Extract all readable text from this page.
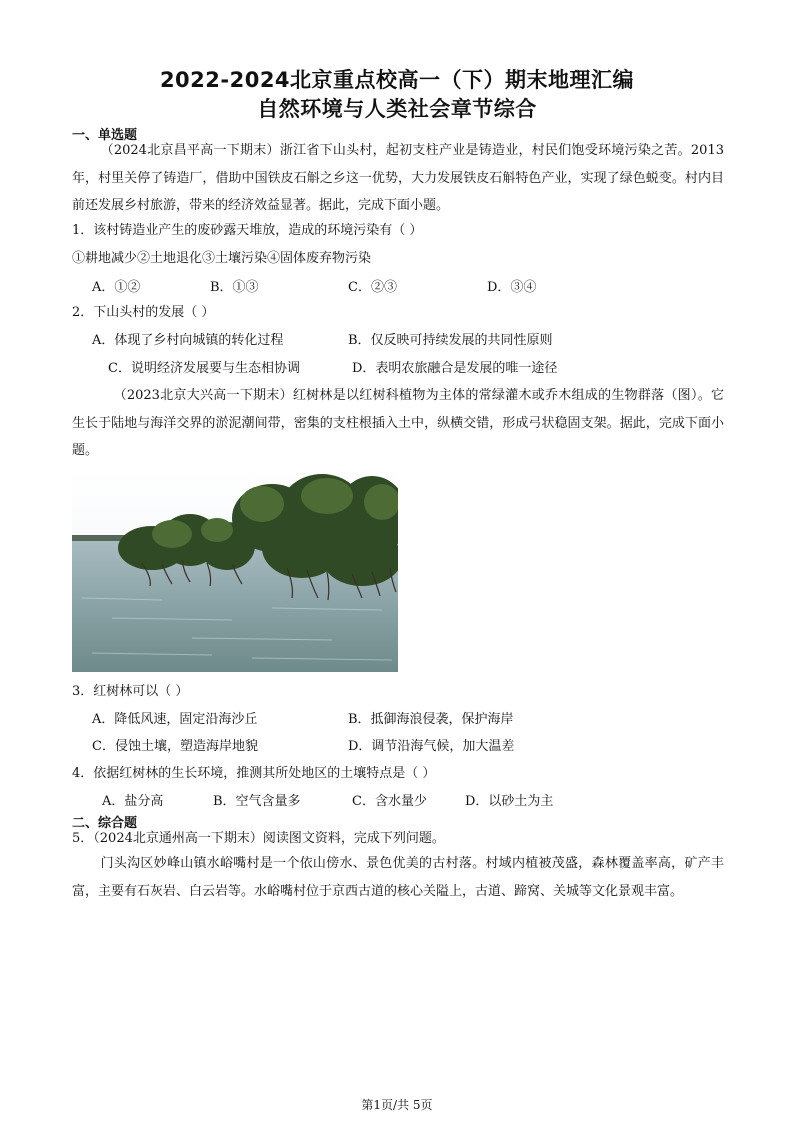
2022-2024北京重点校高一（下）期末地理汇编
自然环境与人类社会章节综合
一、单选题

（2024北京昌平高一下期末）浙江省下山头村，起初支柱产业是铸造业，村民们饱受环境污染之苦。2013年，村里关停了铸造厂，借助中国铁皮石斛之乡这一优势，大力发展铁皮石斛特色产业，实现了绿色蜕变。村内目前还发展乡村旅游，带来的经济效益显著。据此，完成下面小题。

1．该村铸造业产生的废砂露天堆放，造成的环境污染有（ ）
①耕地减少②土地退化③土壤污染④固体废弃物污染
A．①②	B．①③	C．②③	D．③④
2．下山头村的发展（ ）
A．体现了乡村向城镇的转化过程	B．仅反映可持续发展的共同性原则
C．说明经济发展要与生态相协调	D．表明农旅融合是发展的唯一途径

（2023北京大兴高一下期末）红树林是以红树科植物为主体的常绿灌木或乔木组成的生物群落（图）。它生长于陆地与海洋交界的淤泥潮间带，密集的支柱根插入土中，纵横交错，形成弓状稳固支架。据此，完成下面小题。

3．红树林可以（ ）
A．降低风速，固定沿海沙丘	B．抵御海浪侵袭，保护海岸
C．侵蚀土壤，塑造海岸地貌	D．调节沿海气候，加大温差
4．依据红树林的生长环境，推测其所处地区的土壤特点是（ ）
A．盐分高	B．空气含量多	C．含水量少	D．以砂土为主
二、综合题
5．（2024北京通州高一下期末）阅读图文资料，完成下列问题。

门头沟区妙峰山镇水峪嘴村是一个依山傍水、景色优美的古村落。村域内植被茂盛，森林覆盖率高，矿产丰富，主要有石灰岩、白云岩等。水峪嘴村位于京西古道的核心关隘上，古道、蹄窝、关城等文化景观丰富。

第1页/共 5页
